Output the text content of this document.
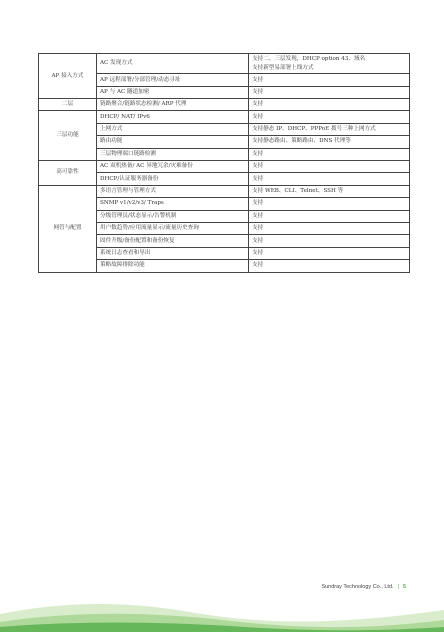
AP 接入方式	AC 发现方式	支持二、三层发现，DHCP option 43、域名
支持新型易部署上线方式
	AP 远程部署/分部管理/动态寻址	支持
	AP 与 AC 隧道加密	支持
二层	链路聚合/链路状态检测/ ARP 代理	支持
三层功能	DHCP/ NAT/ IPv6	支持
	上网方式	支持静态 IP、DHCP、PPPoE 拨号三种上网方式
	路由功能	支持静态路由、策略路由、DNS 代理等
	三层物理端口链路检测	支持
高可靠性	AC 双机热备/ AC 异地冗余/灾难备份	支持
	DHCP/认证服务器备份	支持
网管与配置	多语言管理与管理方式	支持 WEB、CLI、Telnet、SSH 等
	SNMP v1/v2/v3/ Traps	支持
	分级管理员/状态显示/告警机制	支持
	用户数趋势/应用流量显示/流量历史查询	支持
	固件升级/备份配置和备份恢复	支持
	系统日志查看和导出	支持
	策略故障排除功能	支持
Sundray Technology Co., Ltd. | 5
